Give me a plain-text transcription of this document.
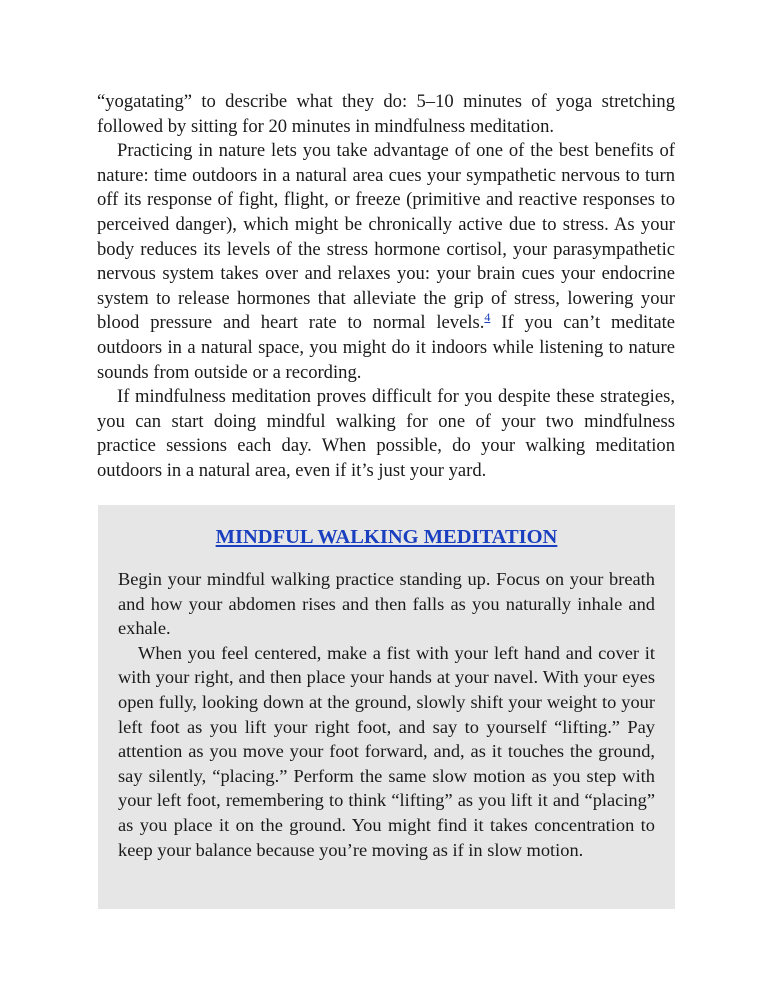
“yogatating” to describe what they do: 5–10 minutes of yoga stretching followed by sitting for 20 minutes in mindfulness meditation.

Practicing in nature lets you take advantage of one of the best benefits of nature: time outdoors in a natural area cues your sympathetic nervous to turn off its response of fight, flight, or freeze (primitive and reactive responses to perceived danger), which might be chronically active due to stress. As your body reduces its levels of the stress hormone cortisol, your parasympathetic nervous system takes over and relaxes you: your brain cues your endocrine system to release hormones that alleviate the grip of stress, lowering your blood pressure and heart rate to normal levels.$^4$ If you can’t meditate outdoors in a natural space, you might do it indoors while listening to nature sounds from outside or a recording.

If mindfulness meditation proves difficult for you despite these strategies, you can start doing mindful walking for one of your two mindfulness practice sessions each day. When possible, do your walking meditation outdoors in a natural area, even if it’s just your yard.

MINDFUL WALKING MEDITATION

Begin your mindful walking practice standing up. Focus on your breath and how your abdomen rises and then falls as you naturally inhale and exhale.

When you feel centered, make a fist with your left hand and cover it with your right, and then place your hands at your navel. With your eyes open fully, looking down at the ground, slowly shift your weight to your left foot as you lift your right foot, and say to yourself “lifting.” Pay attention as you move your foot forward, and, as it touches the ground, say silently, “placing.” Perform the same slow motion as you step with your left foot, remembering to think “lifting” as you lift it and “placing” as you place it on the ground. You might find it takes concentration to keep your balance because you’re moving as if in slow motion.
